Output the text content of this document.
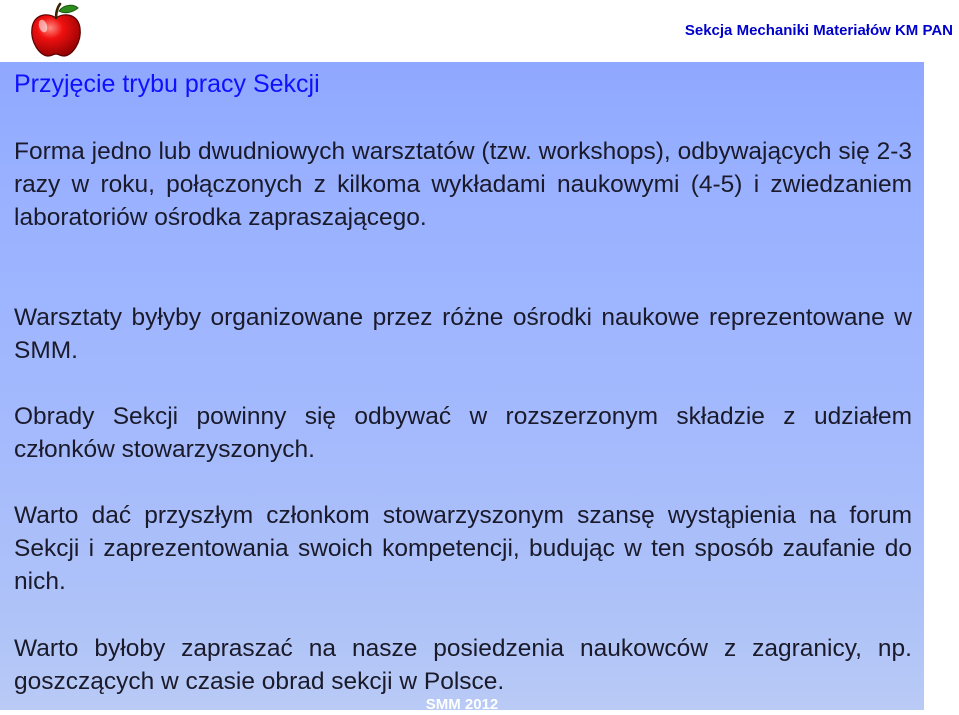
Sekcja Mechaniki Materiałów KM PAN
Przyjęcie trybu pracy Sekcji

Forma jedno lub dwudniowych warsztatów (tzw. workshops), odbywających się 2-3 razy w roku, połączonych z kilkoma wykładami naukowymi (4-5) i zwiedzaniem laboratoriów ośrodka zapraszającego.

Warsztaty byłyby organizowane przez różne ośrodki naukowe reprezentowane w SMM.

Obrady Sekcji powinny się odbywać w rozszerzonym składzie z udziałem członków stowarzyszonych.

Warto dać przyszłym członkom stowarzyszonym szansę wystąpienia na forum Sekcji i zaprezentowania swoich kompetencji, budując w ten sposób zaufanie do nich.

Warto byłoby zapraszać na nasze posiedzenia naukowców z zagranicy, np. goszczących w czasie obrad sekcji w Polsce.

SMM 2012
